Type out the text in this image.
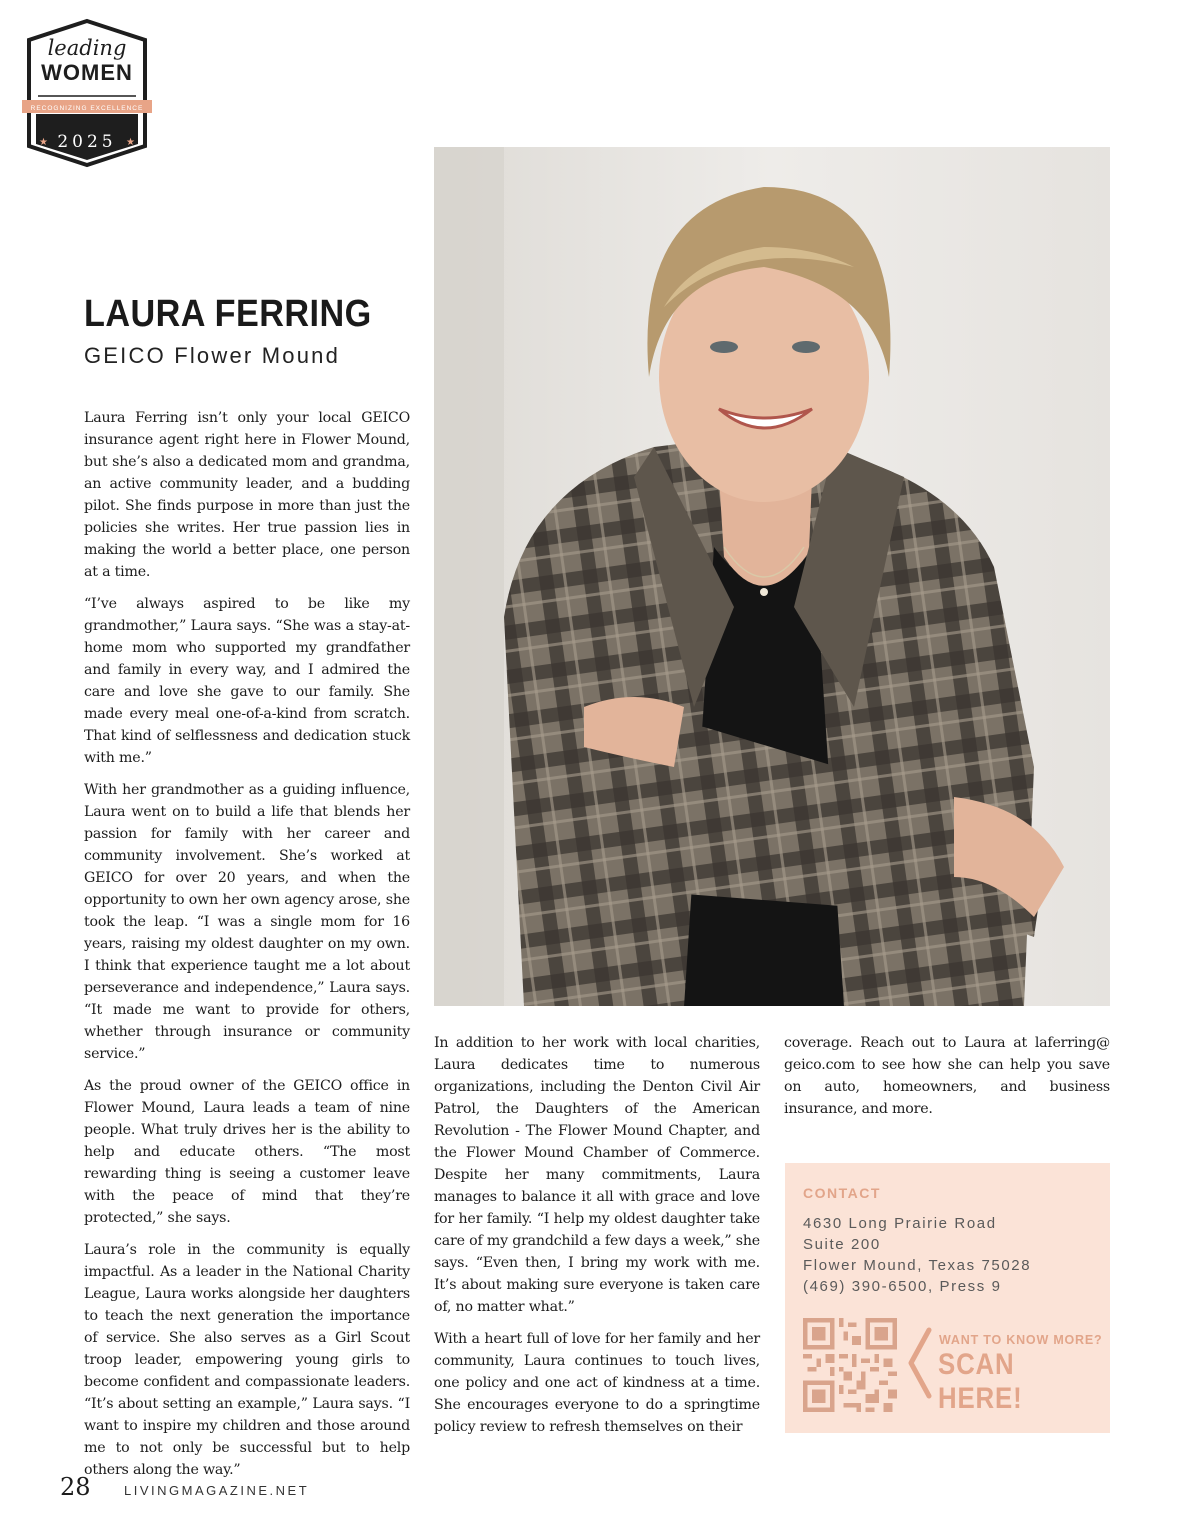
leading

WOMEN

RECOGNIZING EXCELLENCE

★ 2025 ★

LAURA FERRING

GEICO Flower Mound

Laura Ferring isn’t only your local GEICO insurance agent right here in Flower Mound, but she’s also a dedicated mom and grandma, an active community leader, and a budding pilot. She finds purpose in more than just the policies she writes. Her true passion lies in making the world a better place, one person at a time.

“I’ve always aspired to be like my grandmother,” Laura says. “She was a stay-at-home mom who supported my grandfather and family in every way, and I admired the care and love she gave to our family. She made every meal one-of-a-kind from scratch. That kind of selflessness and dedication stuck with me.”

With her grandmother as a guiding influence, Laura went on to build a life that blends her passion for family with her career and community involvement. She’s worked at GEICO for over 20 years, and when the opportunity to own her own agency arose, she took the leap. “I was a single mom for 16 years, raising my oldest daughter on my own. I think that experience taught me a lot about perseverance and independence,” Laura says. “It made me want to provide for others, whether through insurance or community service.”

As the proud owner of the GEICO office in Flower Mound, Laura leads a team of nine people. What truly drives her is the ability to help and educate others. “The most rewarding thing is seeing a customer leave with the peace of mind that they’re protected,” she says.

Laura’s role in the community is equally impactful. As a leader in the National Charity League, Laura works alongside her daughters to teach the next generation the importance of service. She also serves as a Girl Scout troop leader, empowering young girls to become confident and compassionate leaders. “It’s about setting an example,” Laura says. “I want to inspire my children and those around me to not only be successful but to help others along the way.”

In addition to her work with local charities, Laura dedicates time to numerous organizations, including the Denton Civil Air Patrol, the Daughters of the American Revolution - The Flower Mound Chapter, and the Flower Mound Chamber of Commerce. Despite her many commitments, Laura manages to balance it all with grace and love for her family. “I help my oldest daughter take care of my grandchild a few days a week,” she says. “Even then, I bring my work with me. It’s about making sure everyone is taken care of, no matter what.”

With a heart full of love for her family and her community, Laura continues to touch lives, one policy and one act of kindness at a time. She encourages everyone to do a springtime policy review to refresh themselves on their

coverage. Reach out to Laura at laferring@ geico.com to see how she can help you save on auto, homeowners, and business insurance, and more.

CONTACT

4630 Long Prairie Road

Suite 200

Flower Mound, Texas 75028

(469) 390-6500, Press 9

WANT TO KNOW MORE?

SCAN HERE!

28	LIVINGMAGAZINE.NET
